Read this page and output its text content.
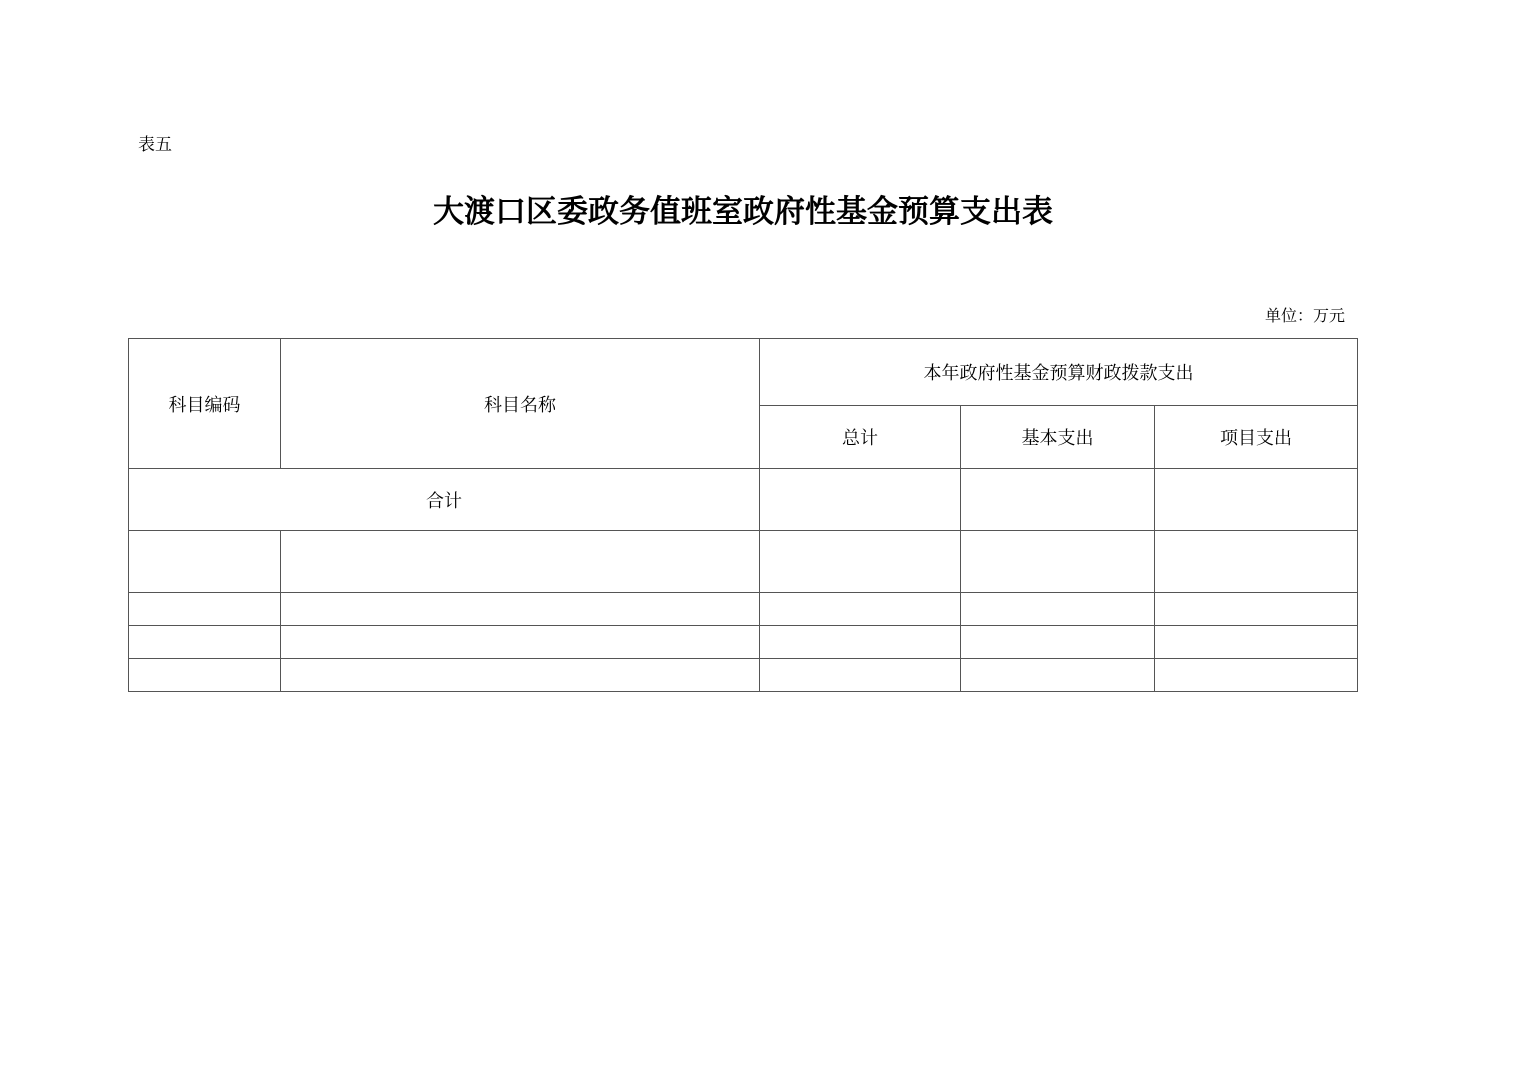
表五
大渡口区委政务值班室政府性基金预算支出表
单位：万元
科目编码	科目名称	本年政府性基金预算财政拨款支出		
		总计	基本支出	项目支出
合计				
